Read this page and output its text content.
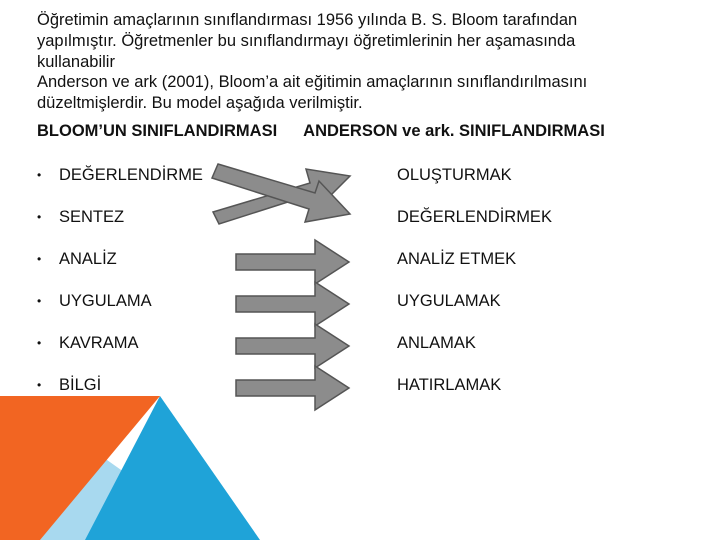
Öğretimin amaçlarının sınıflandırması 1956 yılında B. S. Bloom tarafından

yapılmıştır. Öğretmenler bu sınıflandırmayı öğretimlerinin her aşamasında

kullanabilir

Anderson ve ark (2001), Bloom’a ait eğitimin amaçlarının sınıflandırılmasını

düzeltmişlerdir. Bu model aşağıda verilmiştir.

BLOOM’UN SINIFLANDIRMASI ANDERSON ve ark. SINIFLANDIRMASI
• DEĞERLENDİRME
• SENTEZ
• ANALİZ
• UYGULAMA
• KAVRAMA
• BİLGİ
OLUŞTURMAK
DEĞERLENDİRMEK
ANALİZ ETMEK
UYGULAMAK
ANLAMAK
HATIRLAMAK
